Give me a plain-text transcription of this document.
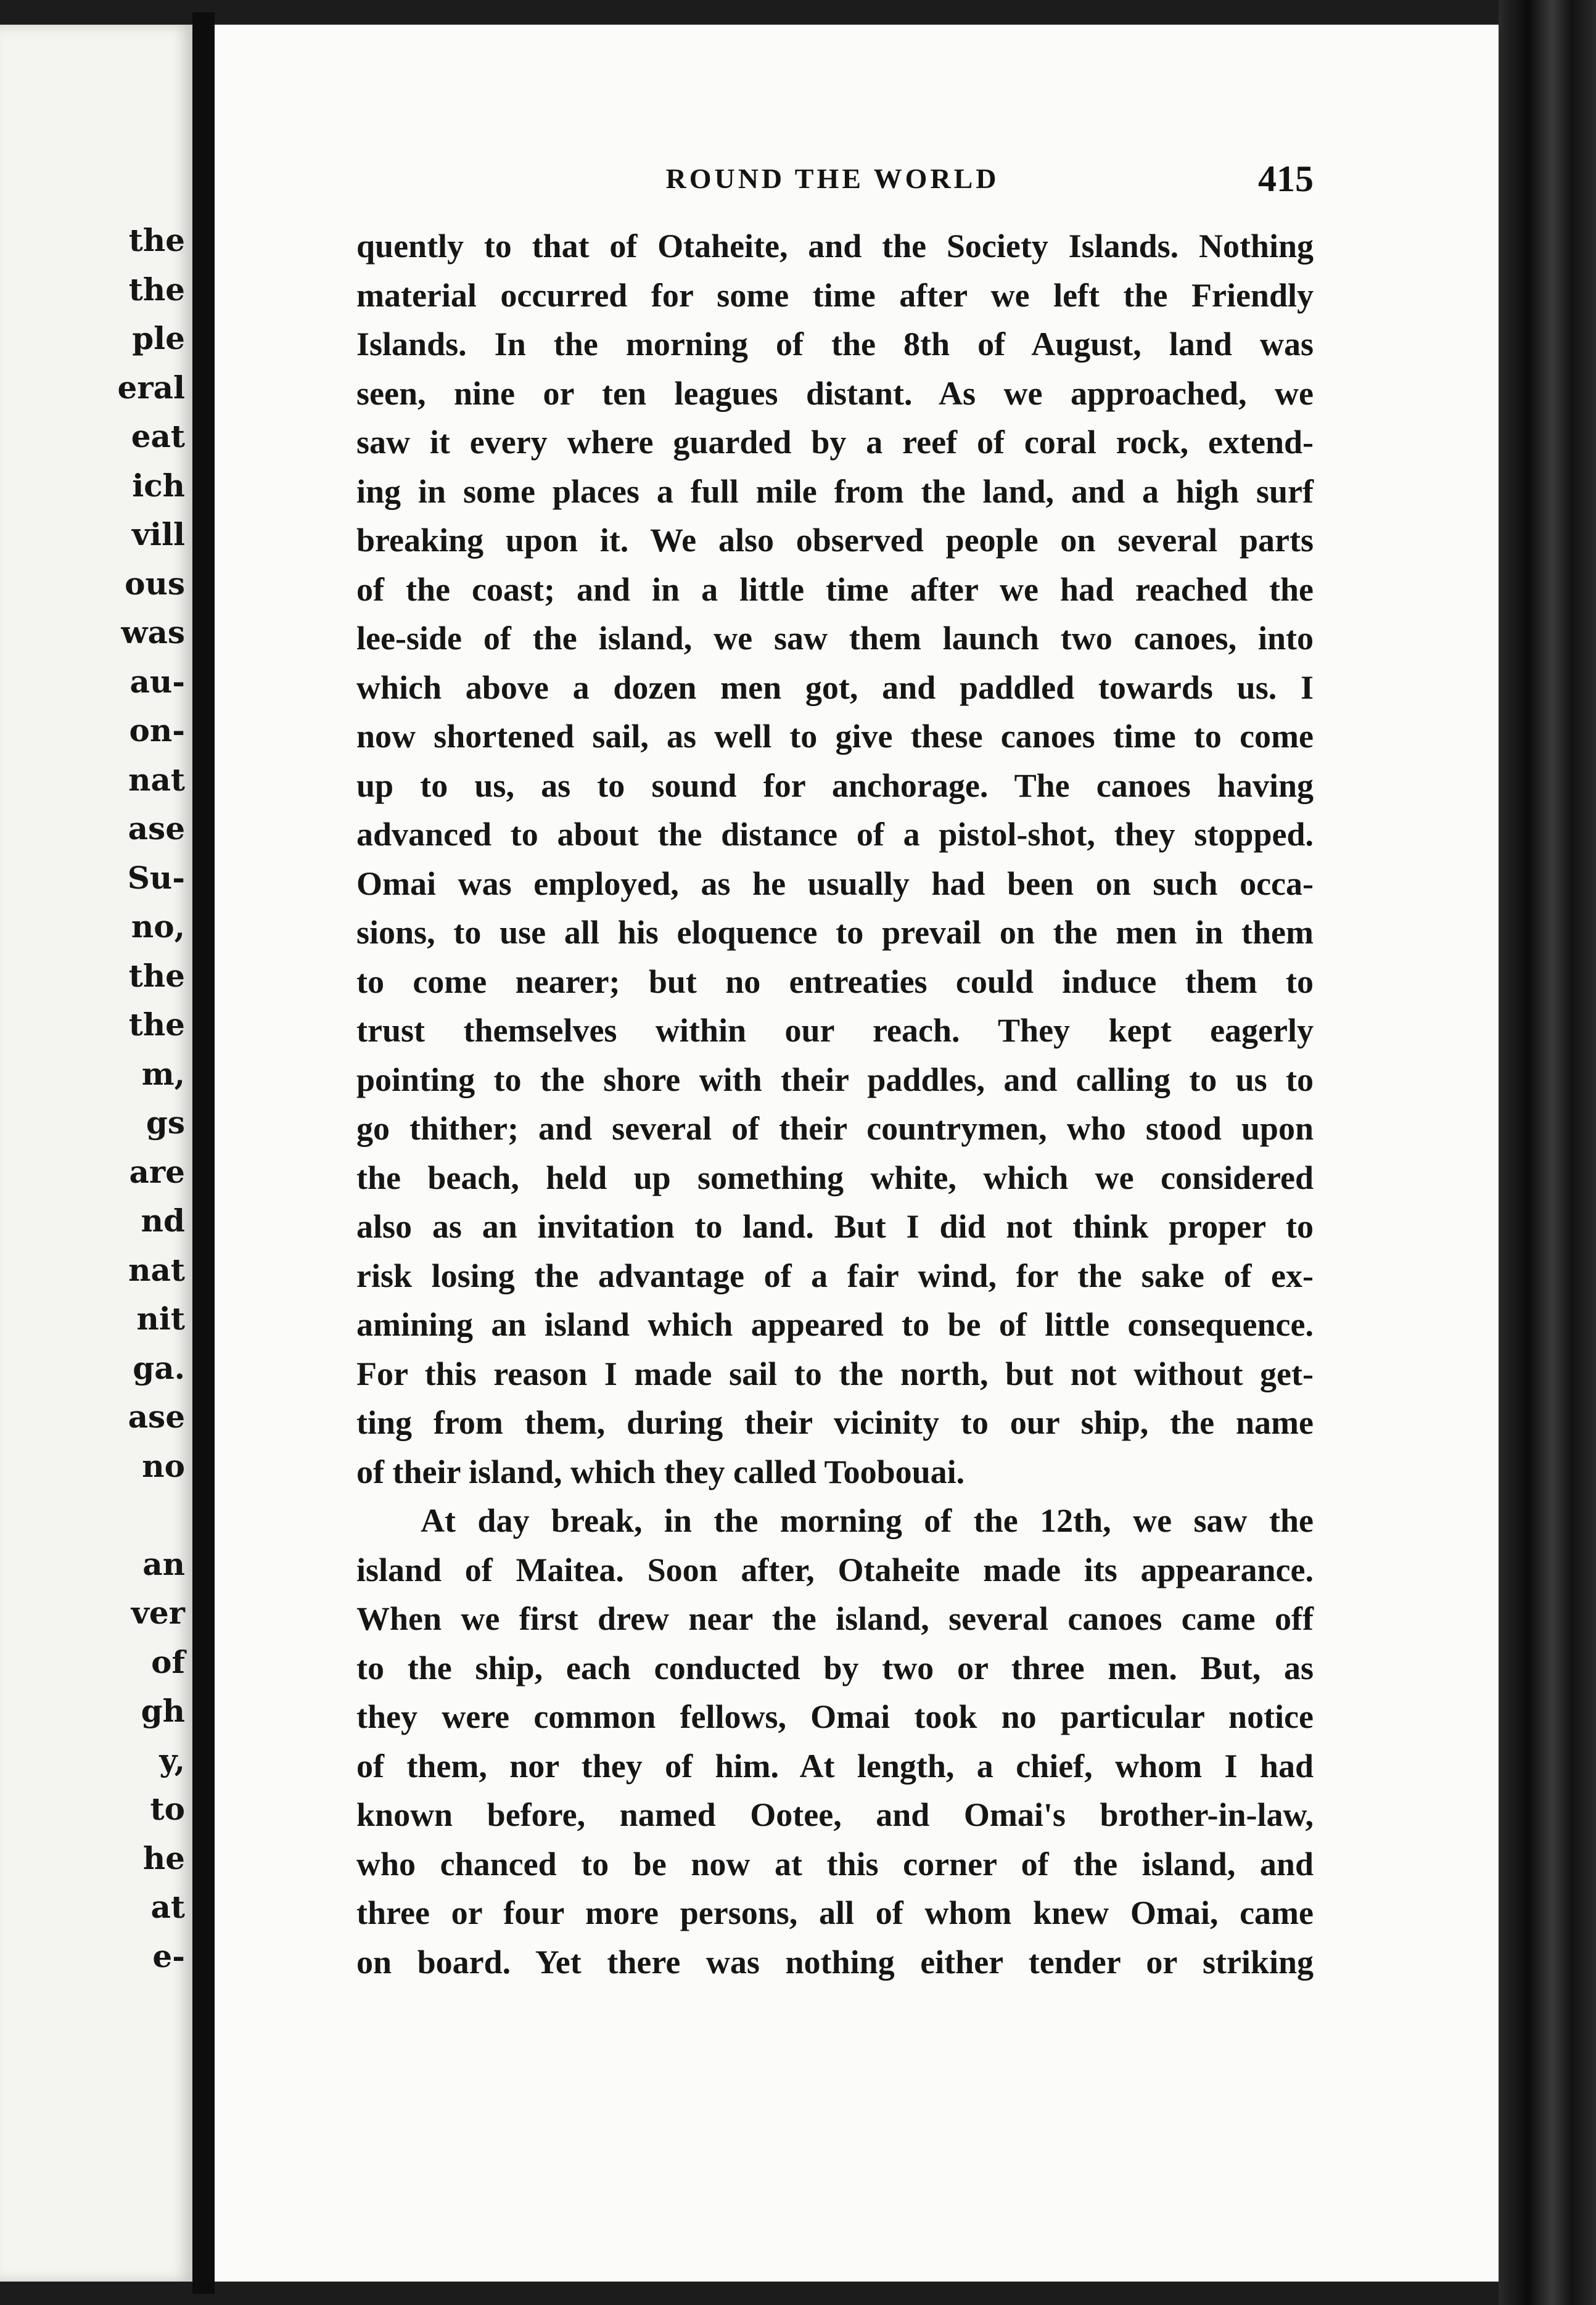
the
the
ple
eral
eat
ich
vill
ous
was
au-
on-
nat
ase
Su-
no,
the
the
m,
gs
are
nd
nat
nit
ga.
ase
no

an
ver
of
gh
y,
to
he
at
e-
ROUND THE WORLD	415
quently to that of Otaheite, and the Society Islands. Nothing
material occurred for some time after we left the Friendly
Islands. In the morning of the 8th of August, land was
seen, nine or ten leagues distant. As we approached, we
saw it every where guarded by a reef of coral rock, extend-
ing in some places a full mile from the land, and a high surf
breaking upon it. We also observed people on several parts
of the coast; and in a little time after we had reached the
lee-side of the island, we saw them launch two canoes, into
which above a dozen men got, and paddled towards us. I
now shortened sail, as well to give these canoes time to come
up to us, as to sound for anchorage. The canoes having
advanced to about the distance of a pistol-shot, they stopped.
Omai was employed, as he usually had been on such occa-
sions, to use all his eloquence to prevail on the men in them
to come nearer; but no entreaties could induce them to
trust themselves within our reach. They kept eagerly
pointing to the shore with their paddles, and calling to us to
go thither; and several of their countrymen, who stood upon
the beach, held up something white, which we considered
also as an invitation to land. But I did not think proper to
risk losing the advantage of a fair wind, for the sake of ex-
amining an island which appeared to be of little consequence.
For this reason I made sail to the north, but not without get-
ting from them, during their vicinity to our ship, the name
of their island, which they called Toobouai.
At day break, in the morning of the 12th, we saw the
island of Maitea. Soon after, Otaheite made its appearance.
When we first drew near the island, several canoes came off
to the ship, each conducted by two or three men. But, as
they were common fellows, Omai took no particular notice
of them, nor they of him. At length, a chief, whom I had
known before, named Ootee, and Omai's brother-in-law,
who chanced to be now at this corner of the island, and
three or four more persons, all of whom knew Omai, came
on board. Yet there was nothing either tender or striking
